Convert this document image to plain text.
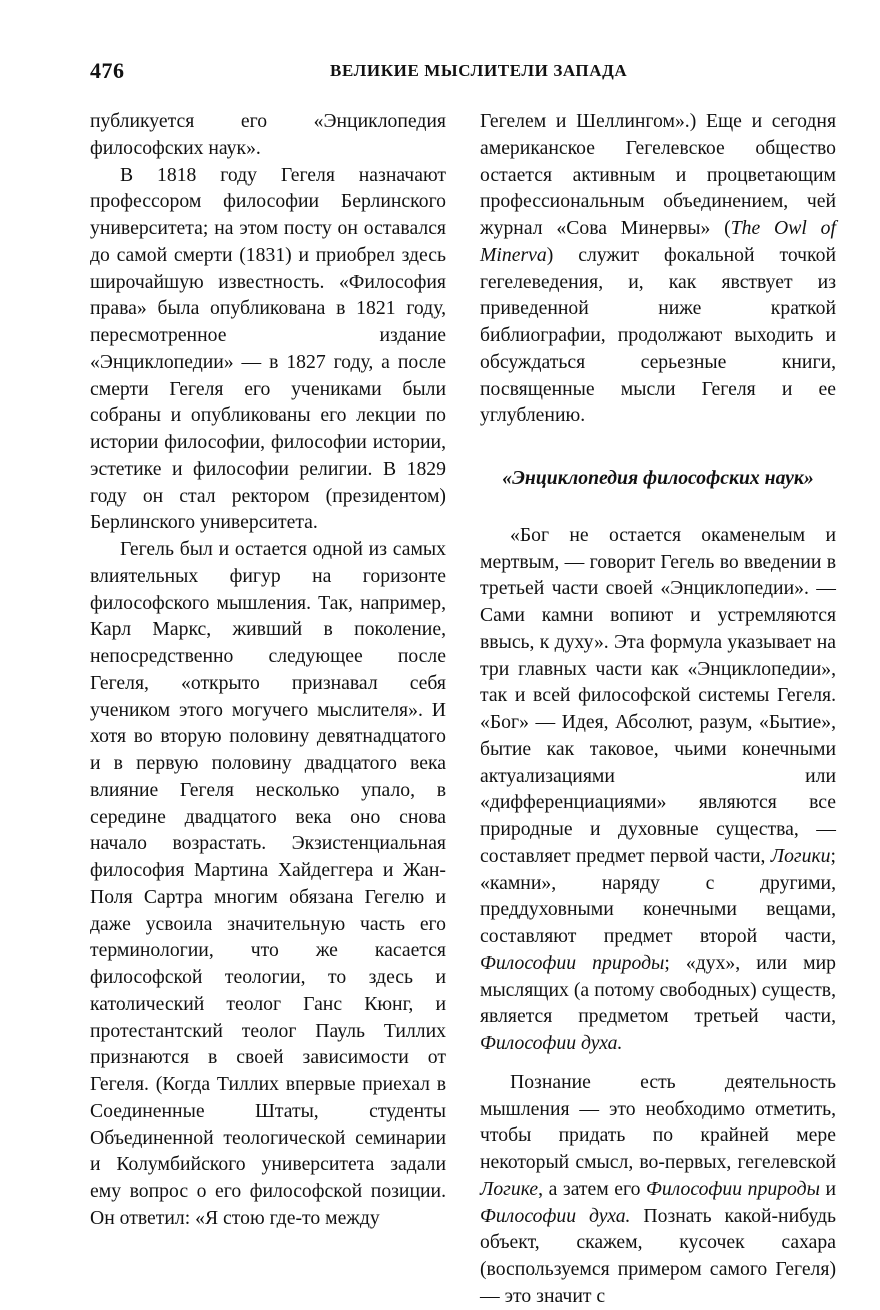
476	ВЕЛИКИЕ МЫСЛИТЕЛИ ЗАПАДА

публикуется его «Энциклопедия философских наук».

В 1818 году Гегеля назначают профессором философии Берлинского университета; на этом посту он оставался до самой смерти (1831) и приобрел здесь широчайшую известность. «Философия права» была опубликована в 1821 году, пересмотренное издание «Энциклопедии» — в 1827 году, а после смерти Гегеля его учениками были собраны и опубликованы его лекции по истории философии, философии истории, эстетике и философии религии. В 1829 году он стал ректором (президентом) Берлинского университета.

Гегель был и остается одной из самых влиятельных фигур на горизонте философского мышления. Так, например, Карл Маркс, живший в поколение, непосредственно следующее после Гегеля, «открыто признавал себя учеником этого могучего мыслителя». И хотя во вторую половину девятнадцатого и в первую половину двадцатого века влияние Гегеля несколько упало, в середине двадцатого века оно снова начало возрастать. Экзистенциальная философия Мартина Хайдеггера и Жан-Поля Сартра многим обязана Гегелю и даже усвоила значительную часть его терминологии, что же касается философской теологии, то здесь и католический теолог Ганс Кюнг, и протестантский теолог Пауль Тиллих признаются в своей зависимости от Гегеля. (Когда Тиллих впервые приехал в Соединенные Штаты, студенты Объединенной теологической семинарии и Колумбийского университета задали ему вопрос о его философской позиции. Он ответил: «Я стою где-то между

Гегелем и Шеллингом».) Еще и сегодня американское Гегелевское общество остается активным и процветающим профессиональным объединением, чей журнал «Сова Минервы» (The Owl of Minerva) служит фокальной точкой гегелеведения, и, как явствует из приведенной ниже краткой библиографии, продолжают выходить и обсуждаться серьезные книги, посвященные мысли Гегеля и ее углублению.

«Энциклопедия философских наук»

«Бог не остается окаменелым и мертвым, — говорит Гегель во введении в третьей части своей «Энциклопедии». — Сами камни вопиют и устремляются ввысь, к духу». Эта формула указывает на три главных части как «Энциклопедии», так и всей философской системы Гегеля. «Бог» — Идея, Абсолют, разум, «Бытие», бытие как таковое, чьими конечными актуализациями или «дифференциациями» являются все природные и духовные существа, — составляет предмет первой части, Логики; «камни», наряду с другими, преддуховными конечными вещами, составляют предмет второй части, Философии природы; «дух», или мир мыслящих (а потому свободных) существ, является предметом третьей части, Философии духа.

Познание есть деятельность мышления — это необходимо отметить, чтобы придать по крайней мере некоторый смысл, во-первых, гегелевской Логике, а затем его Философии природы и Философии духа. Познать какой-нибудь объект, скажем, кусочек сахара (воспользуемся примером самого Гегеля) — это значит с
